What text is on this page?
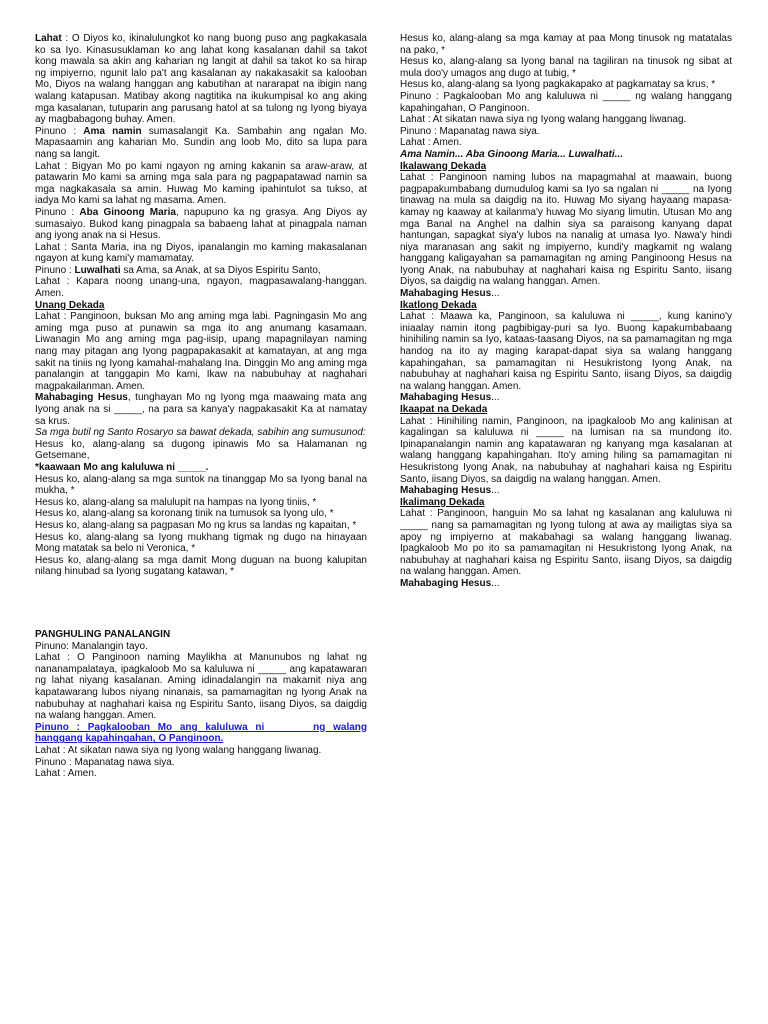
Lahat : O Diyos ko, ikinalulungkot ko nang buong puso ang pagkakasala ko sa Iyo. Kinasusuklaman ko ang lahat kong kasalanan dahil sa takot kong mawala sa akin ang kaharian ng langit at dahil sa takot ko sa hirap ng impiyerno, ngunit lalo pa't ang kasalanan ay nakakasakit sa kalooban Mo, Diyos na walang hanggan ang kabutihan at nararapat na ibigin nang walang katapusan. Matibay akong nagtitika na ikukumpisal ko ang aking mga kasalanan, tutuparin ang parusang hatol at sa tulong ng Iyong biyaya ay magbabagong buhay. Amen.

Pinuno : Ama namin sumasalangit Ka. Sambahin ang ngalan Mo. Mapasaamin ang kaharian Mo. Sundin ang loob Mo, dito sa lupa para nang sa langit.

Lahat : Bigyan Mo po kami ngayon ng aming kakanin sa araw-araw, at patawarin Mo kami sa aming mga sala para ng pagpapatawad namin sa mga nagkakasala sa amin. Huwag Mo kaming ipahintulot sa tukso, at iadya Mo kami sa lahat ng masama. Amen.

Pinuno : Aba Ginoong Maria, napupuno ka ng grasya. Ang Diyos ay sumasaiyo. Bukod kang pinagpala sa babaeng lahat at pinagpala naman ang iyong anak na si Hesus.

Lahat : Santa Maria, ina ng Diyos, ipanalangin mo kaming makasalanan ngayon at kung kami'y mamamatay.

Pinuno : Luwalhati sa Ama, sa Anak, at sa Diyos Espiritu Santo,

Lahat : Kapara noong unang-una, ngayon, magpasawalang-hanggan. Amen.

Unang Dekada

Lahat : Panginoon, buksan Mo ang aming mga labi. Pagningasin Mo ang aming mga puso at punawin sa mga ito ang anumang kasamaan. Liwanagin Mo ang aming mga pag-iisip, upang mapagnilayan naming nang may pitagan ang Iyong pagpapakasakit at kamatayan, at ang mga sakit na tiniis ng Iyong kamahal-mahalang Ina. Dinggin Mo ang aming mga panalangin at tanggapin Mo kami, Ikaw na nabubuhay at naghahari magpakailanman. Amen.

Mahabaging Hesus, tunghayan Mo ng Iyong mga maawaing mata ang Iyong anak na si _____, na para sa kanya'y nagpakasakit Ka at namatay sa krus.

Sa mga butil ng Santo Rosaryo sa bawat dekada, sabihin ang sumusunod:

Hesus ko, alang-alang sa dugong ipinawis Mo sa Halamanan ng Getsemane,

*kaawaan Mo ang kaluluwa ni _____.

Hesus ko, alang-alang sa mga suntok na tinanggap Mo sa Iyong banal na mukha, *

Hesus ko, alang-alang sa malulupit na hampas na Iyong tiniis, *

Hesus ko, alang-alang sa koronang tinik na tumusok sa Iyong ulo, *

Hesus ko, alang-alang sa pagpasan Mo ng krus sa landas ng kapaitan, *

Hesus ko, alang-alang sa Iyong mukhang tigmak ng dugo na hinayaan Mong matatak sa belo ni Veronica, *

Hesus ko, alang-alang sa mga damit Mong duguan na buong kalupitan nilang hinubad sa Iyong sugatang katawan, *

Hesus ko, alang-alang sa mga kamay at paa Mong tinusok ng matatalas na pako, *

Hesus ko, alang-alang sa Iyong banal na tagiliran na tinusok ng sibat at mula doo'y umagos ang dugo at tubig, *

Hesus ko, alang-alang sa Iyong pagkakapako at pagkamatay sa krus, *

Pinuno : Pagkalooban Mo ang kaluluwa ni _____ ng walang hanggang kapahingahan, O Panginoon.

Lahat : At sikatan nawa siya ng Iyong walang hanggang liwanag.

Pinuno : Mapanatag nawa siya.

Lahat : Amen.

Ama Namin... Aba Ginoong Maria... Luwalhati...

Ikalawang Dekada

Lahat : Panginoon naming lubos na mapagmahal at maawain, buong pagpapakumbabang dumudulog kami sa Iyo sa ngalan ni _____ na Iyong tinawag na mula sa daigdig na ito. Huwag Mo siyang hayaang mapasa-kamay ng kaaway at kailanma'y huwag Mo siyang limutin. Utusan Mo ang mga Banal na Anghel na dalhin siya sa paraisong kanyang dapat hantungan, sapagkat siya'y lubos na nanalig at umasa Iyo. Nawa'y hindi niya maranasan ang sakit ng impiyerno, kundi'y magkamit ng walang hanggang kaligayahan sa pamamagitan ng aming Panginoong Hesus na Iyong Anak, na nabubuhay at naghahari kaisa ng Espiritu Santo, iisang Diyos, sa daigdig na walang hanggan. Amen.

Mahabaging Hesus...

Ikatlong Dekada

Lahat : Maawa ka, Panginoon, sa kaluluwa ni _____, kung kanino'y iniaalay namin itong pagbibigay-puri sa Iyo. Buong kapakumbabaang hinihiling namin sa Iyo, kataas-taasang Diyos, na sa pamamagitan ng mga handog na ito ay maging karapat-dapat siya sa walang hanggang kapahingahan, sa pamamagitan ni Hesukristong Iyong Anak, na nabubuhay at naghahari kaisa ng Espiritu Santo, iisang Diyos, sa daigdig na walang hanggan. Amen.

Mahabaging Hesus...

Ikaapat na Dekada

Lahat : Hinihiling namin, Panginoon, na ipagkaloob Mo ang kalinisan at kagalingan sa kaluluwa ni _____ na lumisan na sa mundong ito. Ipinapanalangin namin ang kapatawaran ng kanyang mga kasalanan at walang hanggang kapahingahan. Ito'y aming hiling sa pamamagitan ni Hesukristong Iyong Anak, na nabubuhay at naghahari kaisa ng Espiritu Santo, iisang Diyos, sa daigdig na walang hanggan. Amen.

Mahabaging Hesus...

Ikalimang Dekada

Lahat : Panginoon, hanguin Mo sa lahat ng kasalanan ang kaluluwa ni _____ nang sa pamamagitan ng Iyong tulong at awa ay mailigtas siya sa apoy ng impiyerno at makabahagi sa walang hanggang liwanag. Ipagkaloob Mo po ito sa pamamagitan ni Hesukristong Iyong Anak, na nabubuhay at naghahari kaisa ng Espiritu Santo, iisang Diyos, sa daigdig na walang hanggan. Amen.

Mahabaging Hesus...

PANGHULING PANALANGIN

Pinuno: Manalangin tayo.

Lahat : O Panginoon naming Maylikha at Manunubos ng lahat ng nananampalataya, ipagkaloob Mo sa kaluluwa ni _____ ang kapatawaran ng lahat niyang kasalanan. Aming idinadalangin na makamit niya ang kapatawarang lubos niyang ninanais, sa pamamagitan ng Iyong Anak na nabubuhay at naghahari kaisa ng Espiritu Santo, iisang Diyos, sa daigdig na walang hanggan. Amen.

Pinuno : Pagkalooban Mo ang kaluluwa ni ______ ng walang hanggang kapahingahan, O Panginoon.

Lahat : At sikatan nawa siya ng Iyong walang hanggang liwanag.

Pinuno : Mapanatag nawa siya.

Lahat : Amen.
